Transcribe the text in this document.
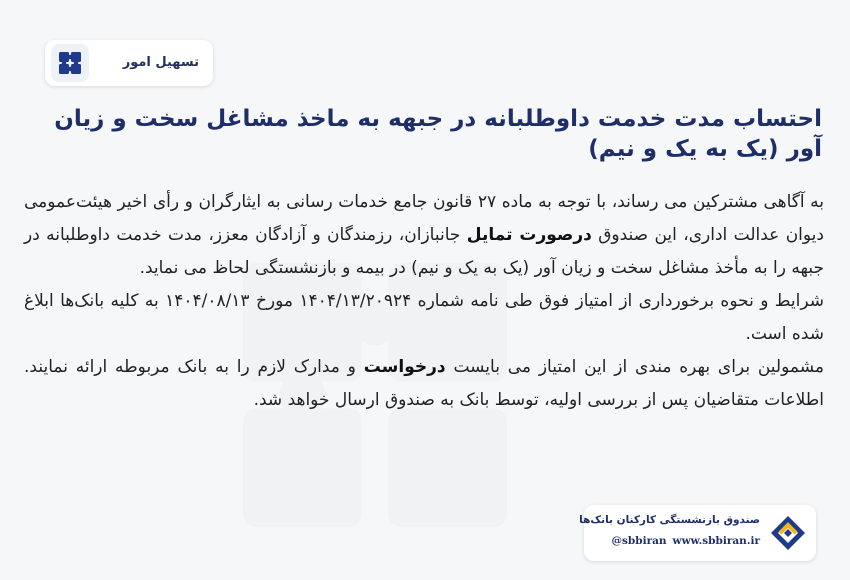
تسهیل امور
احتساب مدت خدمت داوطلبانه در جبهه به ماخذ مشاغل سخت و زیان آور (یک به یک و نیم)

به آگاهی مشترکین می رساند، با توجه به ماده ۲۷ قانون جامع خدمات رسانی به ایثارگران و رأی اخیر هیئت‌عمومی دیوان عدالت اداری، این صندوق درصورت تمایل جانبازان، رزمندگان و آزادگان معزز، مدت خدمت داوطلبانه در جبهه را به مأخذ مشاغل سخت و زیان آور (یک به یک و نیم) در بیمه و بازنشستگی لحاظ می نماید.

شرایط و نحوه برخورداری از امتیاز فوق طی نامه شماره ۱۴۰۴/۱۳/۲۰۹۲۴ مورخ ۱۴۰۴/۰۸/۱۳ به کلیه بانک‌ها ابلاغ شده است.

مشمولین برای بهره مندی از این امتیاز می بایست درخواست و مدارک لازم را به بانک مربوطه ارائه نمایند. اطلاعات متقاضیان پس از بررسی اولیه، توسط بانک به صندوق ارسال خواهد شد.

صندوق بازنشستگی کارکنان بانک‌ها
@sbbiran www.sbbiran.ir
